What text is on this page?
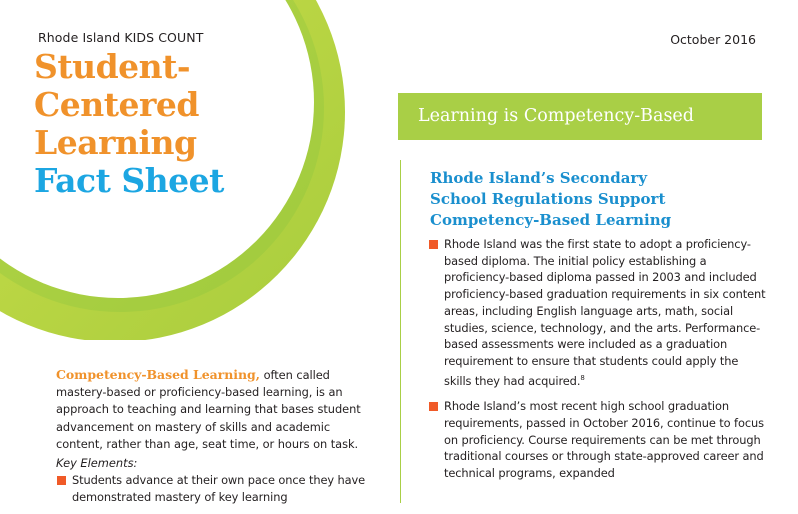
Rhode Island KIDS COUNT
Student-
Centered
Learning
Fact Sheet
October 2016
Learning is Competency-Based
Rhode Island’s Secondary
School Regulations Support
Competency-Based Learning
Rhode Island was the first state to adopt a proficiency-based diploma. The initial policy establishing a proficiency-based diploma passed in 2003 and included proficiency-based graduation requirements in six content areas, including English language arts, math, social studies, science, technology, and the arts. Performance-based assessments were included as a graduation requirement to ensure that students could apply the skills they had acquired.$^8$
Rhode Island’s most recent high school graduation requirements, passed in October 2016, continue to focus on proficiency. Course requirements can be met through traditional courses or through state-approved career and technical programs, expanded
Competency-Based Learning, often called mastery-based or proficiency-based learning, is an approach to teaching and learning that bases student advancement on mastery of skills and academic content, rather than age, seat time, or hours on task.
Key Elements:
Students advance at their own pace once they have demonstrated mastery of key learning
